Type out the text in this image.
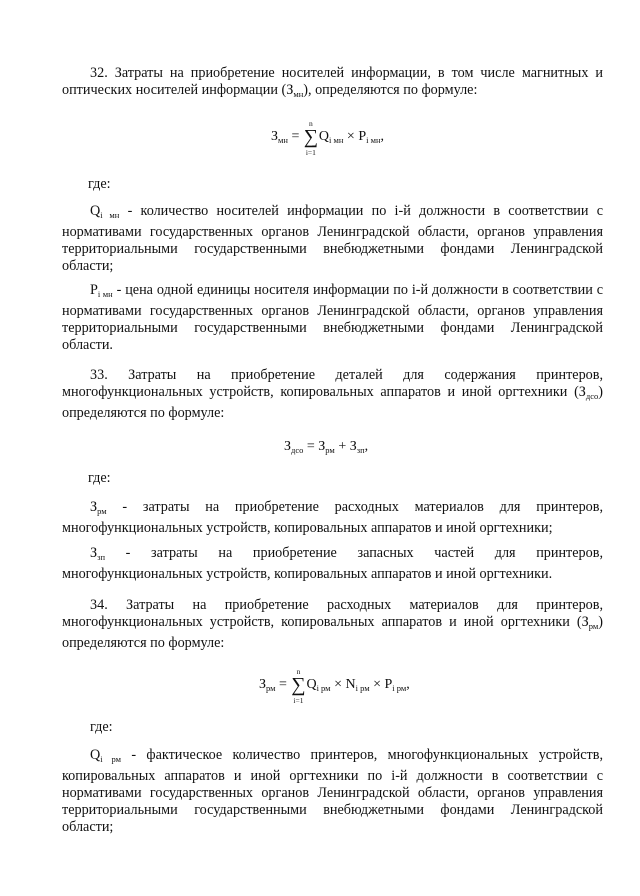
32. Затраты на приобретение носителей информации, в том числе магнитных и оптических носителей информации $(З_{мн})$, определяются по формуле:

$З_{мн}$ =
n
∑
i=1
$Q_{i мн} \times P_{i мн}$,

где:

$Q_{i мн}$ - количество носителей информации по i-й должности в соответствии с нормативами государственных органов Ленинградской области, органов управления территориальными государственными внебюджетными фондами Ленинградской области;

$P_{i мн}$ - цена одной единицы носителя информации по i-й должности в соответствии с нормативами государственных органов Ленинградской области, органов управления территориальными государственными внебюджетными фондами Ленинградской области.

33. Затраты на приобретение деталей для содержания принтеров, многофункциональных устройств, копировальных аппаратов и иной оргтехники $(З_{дсо})$ определяются по формуле:

$З_{дсо} = З_{рм} + З_{зп}$,

где:

$З_{рм}$ - затраты на приобретение расходных материалов для принтеров, многофункциональных устройств, копировальных аппаратов и иной оргтехники;

$З_{зп}$ - затраты на приобретение запасных частей для принтеров, многофункциональных устройств, копировальных аппаратов и иной оргтехники.

34. Затраты на приобретение расходных материалов для принтеров, многофункциональных устройств, копировальных аппаратов и иной оргтехники $(З_{рм})$ определяются по формуле:

$З_{рм}$ =
n
∑
i=1
$Q_{i рм} \times N_{i рм} \times P_{i рм}$,

где:

$Q_{i рм}$ - фактическое количество принтеров, многофункциональных устройств, копировальных аппаратов и иной оргтехники по i-й должности в соответствии с нормативами государственных органов Ленинградской области, органов управления территориальными государственными внебюджетными фондами Ленинградской области;
